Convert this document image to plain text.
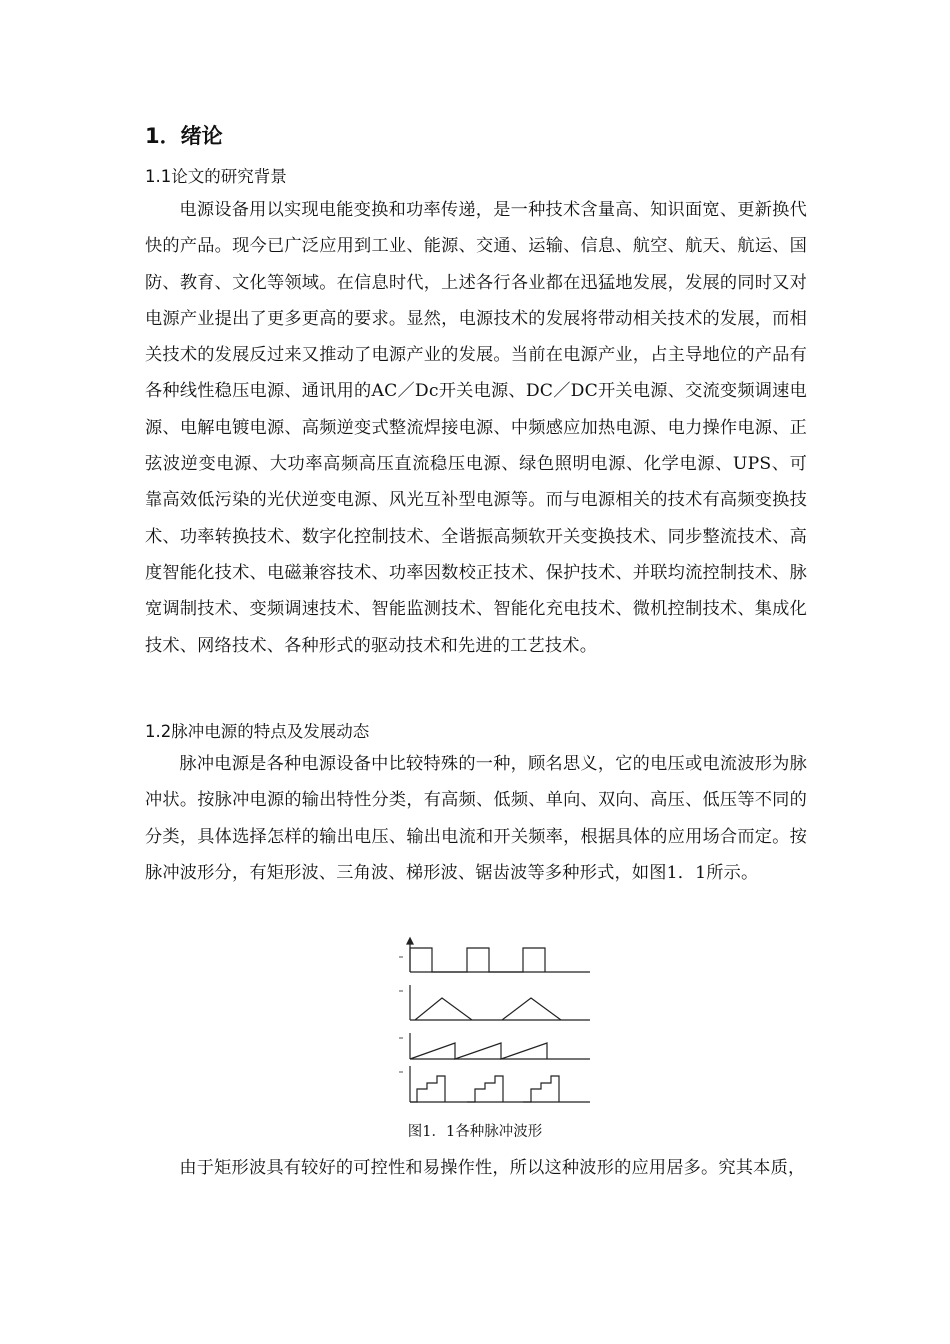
1．绪论
1.1论文的研究背景

电源设备用以实现电能变换和功率传递，是一种技术含量高、知识面宽、更新换代快的产品。现今已广泛应用到工业、能源、交通、运输、信息、航空、航天、航运、国防、教育、文化等领域。在信息时代，上述各行各业都在迅猛地发展，发展的同时又对电源产业提出了更多更高的要求。显然，电源技术的发展将带动相关技术的发展，而相关技术的发展反过来又推动了电源产业的发展。当前在电源产业，占主导地位的产品有各种线性稳压电源、通讯用的AC／Dc开关电源、DC／DC开关电源、交流变频调速电源、电解电镀电源、高频逆变式整流焊接电源、中频感应加热电源、电力操作电源、正弦波逆变电源、大功率高频高压直流稳压电源、绿色照明电源、化学电源、UPS、可靠高效低污染的光伏逆变电源、风光互补型电源等。而与电源相关的技术有高频变换技术、功率转换技术、数字化控制技术、全谐振高频软开关变换技术、同步整流技术、高度智能化技术、电磁兼容技术、功率因数校正技术、保护技术、并联均流控制技术、脉宽调制技术、变频调速技术、智能监测技术、智能化充电技术、微机控制技术、集成化技术、网络技术、各种形式的驱动技术和先进的工艺技术。

1.2脉冲电源的特点及发展动态

脉冲电源是各种电源设备中比较特殊的一种，顾名思义，它的电压或电流波形为脉冲状。按脉冲电源的输出特性分类，有高频、低频、单向、双向、高压、低压等不同的分类，具体选择怎样的输出电压、输出电流和开关频率，根据具体的应用场合而定。按脉冲波形分，有矩形波、三角波、梯形波、锯齿波等多种形式，如图1．1所示。

图1．1各种脉冲波形

由于矩形波具有较好的可控性和易操作性，所以这种波形的应用居多。究其本质，
